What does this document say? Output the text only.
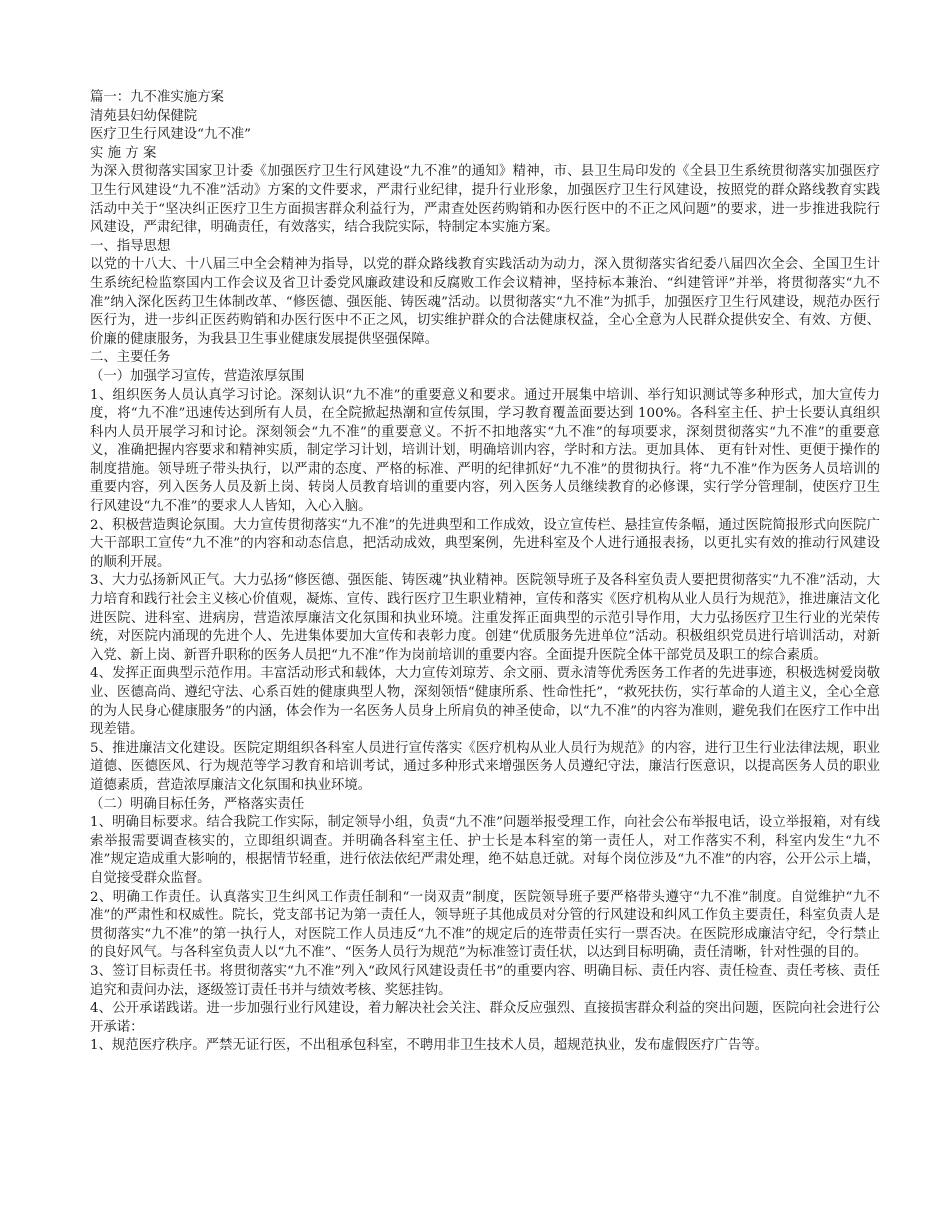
篇一：九不准实施方案

清苑县妇幼保健院

医疗卫生行风建设“九不准”

实 施 方 案

为深入贯彻落实国家卫计委《加强医疗卫生行风建设“九不准”的通知》精神，市、县卫生局印发的《全县卫生系统贯彻落实加强医疗卫生行风建设“九不准”活动》方案的文件要求，严肃行业纪律，提升行业形象，加强医疗卫生行风建设，按照党的群众路线教育实践活动中关于“坚决纠正医疗卫生方面损害群众利益行为，严肃查处医药购销和办医行医中的不正之风问题”的要求，进一步推进我院行风建设，严肃纪律，明确责任，有效落实，结合我院实际，特制定本实施方案。

一、指导思想

以党的十八大、十八届三中全会精神为指导，以党的群众路线教育实践活动为动力，深入贯彻落实省纪委八届四次全会、全国卫生计生系统纪检监察国内工作会议及省卫计委党风廉政建设和反腐败工作会议精神，坚持标本兼治、“纠建管评”并举，将贯彻落实“九不准”纳入深化医药卫生体制改革、“修医德、强医能、铸医魂”活动。以贯彻落实“九不准”为抓手，加强医疗卫生行风建设，规范办医行医行为，进一步纠正医药购销和办医行医中不正之风，切实维护群众的合法健康权益，全心全意为人民群众提供安全、有效、方便、价廉的健康服务，为我县卫生事业健康发展提供坚强保障。

二、主要任务

（一）加强学习宣传，营造浓厚氛围

1、组织医务人员认真学习讨论。深刻认识“九不准”的重要意义和要求。通过开展集中培训、举行知识测试等多种形式，加大宣传力度，将“九不准”迅速传达到所有人员，在全院掀起热潮和宣传氛围，学习教育覆盖面要达到 100%。各科室主任、护士长要认真组织科内人员开展学习和讨论。深刻领会“九不准”的重要意义。不折不扣地落实“九不准”的每项要求，深刻贯彻落实“九不准”的重要意义，准确把握内容要求和精神实质，制定学习计划，培训计划，明确培训内容，学时和方法。更加具体、 更有针对性、更便于操作的制度措施。领导班子带头执行，以严肃的态度、严格的标准、严明的纪律抓好“九不准”的贯彻执行。将“九不准”作为医务人员培训的重要内容，列入医务人员及新上岗、转岗人员教育培训的重要内容，列入医务人员继续教育的必修课，实行学分管理制，使医疗卫生行风建设“九不准”的要求人人皆知，入心入脑。

2、积极营造舆论氛围。大力宣传贯彻落实“九不准”的先进典型和工作成效，设立宣传栏、悬挂宣传条幅，通过医院简报形式向医院广大干部职工宣传“九不准”的内容和动态信息，把活动成效，典型案例，先进科室及个人进行通报表扬，以更扎实有效的推动行风建设的顺利开展。

3、大力弘扬新风正气。大力弘扬“修医德、强医能、铸医魂”执业精神。医院领导班子及各科室负责人要把贯彻落实“九不准”活动，大力培育和践行社会主义核心价值观，凝炼、宣传、践行医疗卫生职业精神，宣传和落实《医疗机构从业人员行为规范》，推进廉洁文化进医院、进科室、进病房，营造浓厚廉洁文化氛围和执业环境。注重发挥正面典型的示范引导作用，大力弘扬医疗卫生行业的光荣传统，对医院内涌现的先进个人、先进集体要加大宣传和表彰力度。创建“优质服务先进单位”活动。积极组织党员进行培训活动，对新入党、新上岗、新晋升职称的医务人员把“九不准”作为岗前培训的重要内容。全面提升医院全体干部党员及职工的综合素质。

4、发挥正面典型示范作用。丰富活动形式和载体，大力宣传刘琼芳、余文丽、贾永清等优秀医务工作者的先进事迹，积极选树爱岗敬业、医德高尚、遵纪守法、心系百姓的健康典型人物，深刻领悟“健康所系、性命性托”，“救死扶伤，实行革命的人道主义，全心全意的为人民身心健康服务”的内涵，体会作为一名医务人员身上所肩负的神圣使命，以“九不准”的内容为准则，避免我们在医疗工作中出现差错。

5、推进廉洁文化建设。医院定期组织各科室人员进行宣传落实《医疗机构从业人员行为规范》的内容，进行卫生行业法律法规，职业道德、医德医风、行为规范等学习教育和培训考试，通过多种形式来增强医务人员遵纪守法，廉洁行医意识，以提高医务人员的职业道德素质，营造浓厚廉洁文化氛围和执业环境。

（二）明确目标任务，严格落实责任

1、明确目标要求。结合我院工作实际，制定领导小组，负责“九不准”问题举报受理工作，向社会公布举报电话，设立举报箱，对有线索举报需要调查核实的，立即组织调查。并明确各科室主任、护士长是本科室的第一责任人，对工作落实不利，科室内发生“九不准”规定造成重大影响的，根据情节轻重，进行依法依纪严肃处理，绝不姑息迁就。对每个岗位涉及“九不准”的内容，公开公示上墙，自觉接受群众监督。

2、明确工作责任。认真落实卫生纠风工作责任制和“一岗双责”制度，医院领导班子要严格带头遵守“九不准”制度。自觉维护“九不准”的严肃性和权威性。院长，党支部书记为第一责任人，领导班子其他成员对分管的行风建设和纠风工作负主要责任，科室负责人是贯彻落实“九不准”的第一执行人，对医院工作人员违反“九不准”的规定后的连带责任实行一票否决。在医院形成廉洁守纪，令行禁止的良好风气。与各科室负责人以“九不准”、“医务人员行为规范”为标准签订责任状，以达到目标明确，责任清晰，针对性强的目的。

3、签订目标责任书。将贯彻落实“九不准”列入“政风行风建设责任书”的重要内容、明确目标、责任内容、责任检查、责任考核、责任追究和责问办法，逐级签订责任书并与绩效考核、奖惩挂钩。

4、公开承诺践诺。进一步加强行业行风建设，着力解决社会关注、群众反应强烈、直接损害群众利益的突出问题，医院向社会进行公开承诺：

1、规范医疗秩序。严禁无证行医，不出租承包科室，不聘用非卫生技术人员，超规范执业，发布虚假医疗广告等。
